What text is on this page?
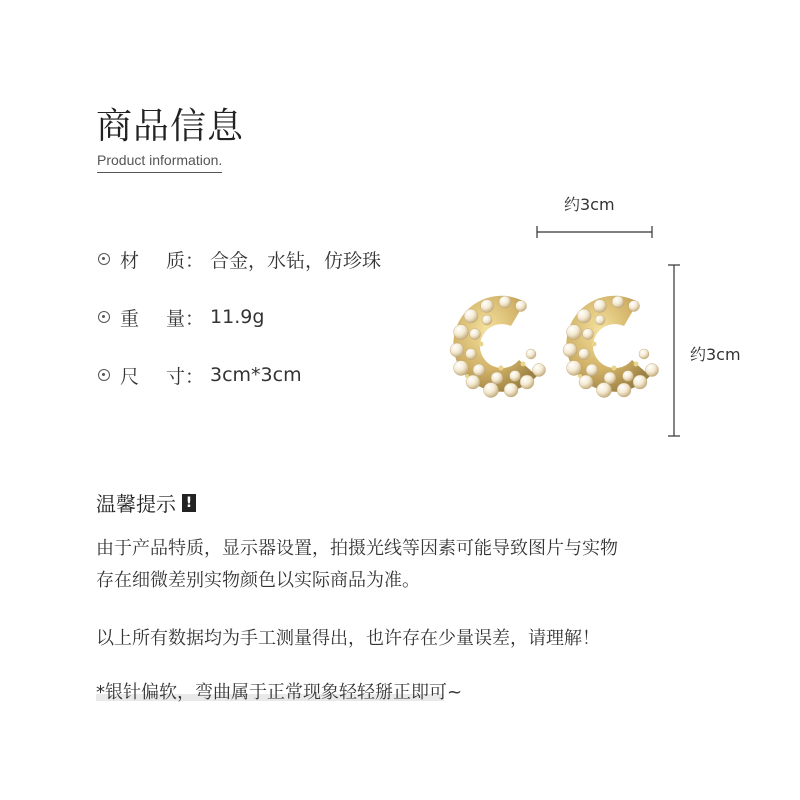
商品信息
Product information.
材	质： 合金，水钻，仿珍珠
重	量： 11.9g
尺	寸： 3cm*3cm
约3cm
约3cm
温馨提示 !
由于产品特质，显示器设置，拍摄光线等因素可能导致图片与实物
存在细微差别实物颜色以实际商品为准。
以上所有数据均为手工测量得出，也许存在少量误差，请理解！
*银针偏软，弯曲属于正常现象轻轻掰正即可~
